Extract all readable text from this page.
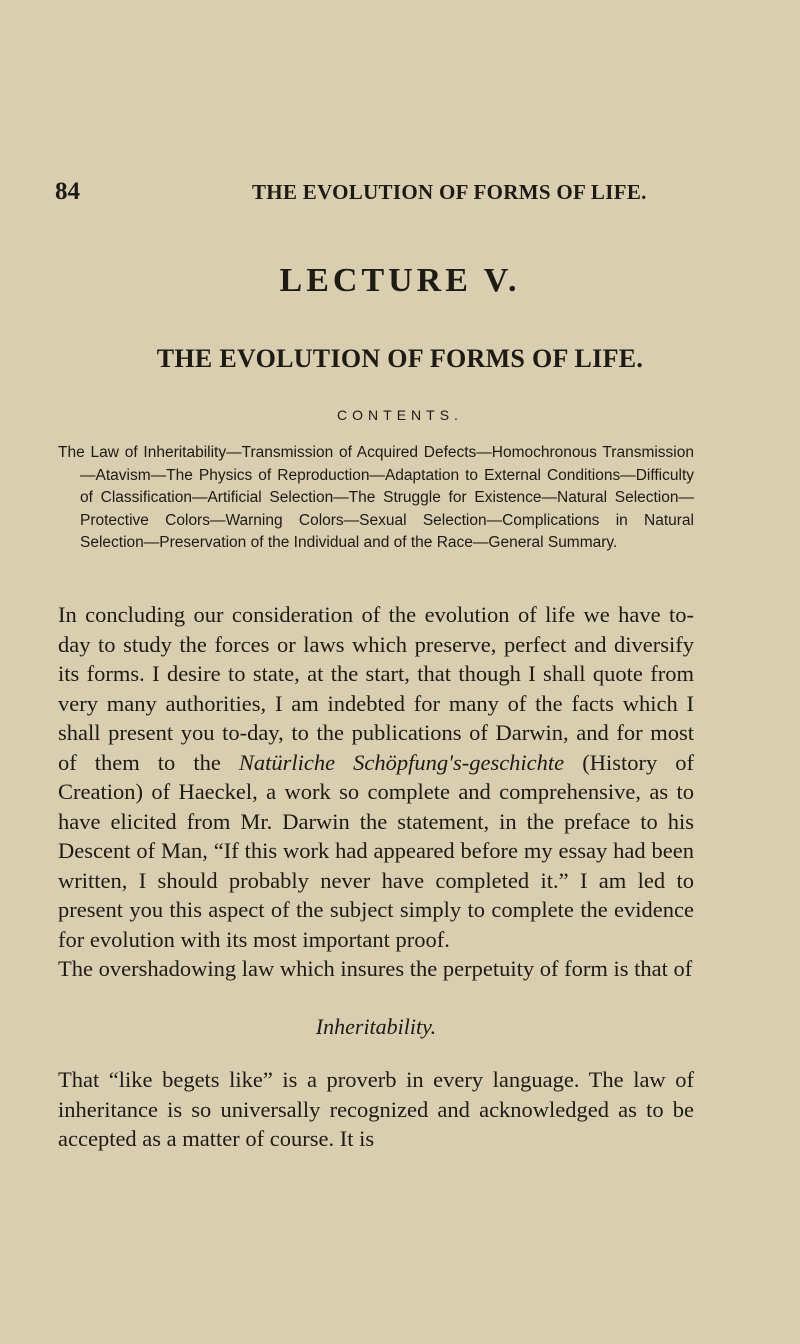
84	THE EVOLUTION OF FORMS OF LIFE.
LECTURE V.
THE EVOLUTION OF FORMS OF LIFE.
CONTENTS.

The Law of Inheritability—Transmission of Acquired Defects—Homochronous Transmission—Atavism—The Physics of Reproduction—Adaptation to External Conditions—Difficulty of Classification—Artificial Selection—The Struggle for Existence—Natural Selection—Protective Colors—Warning Colors—Sexual Selection—Complications in Natural Selection—Preservation of the Individual and of the Race—General Summary.

In concluding our consideration of the evolution of life we have to-day to study the forces or laws which preserve, perfect and diversify its forms. I desire to state, at the start, that though I shall quote from very many authorities, I am indebted for many of the facts which I shall present you to-day, to the publications of Darwin, and for most of them to the Natürliche Schöpfung's-geschichte (History of Creation) of Haeckel, a work so complete and comprehensive, as to have elicited from Mr. Darwin the statement, in the preface to his Descent of Man, “If this work had appeared before my essay had been written, I should probably never have completed it.” I am led to present you this aspect of the subject simply to complete the evidence for evolution with its most important proof.

The overshadowing law which insures the perpetuity of form is that of

Inheritability.

That “like begets like” is a proverb in every language. The law of inheritance is so universally recognized and acknowledged as to be accepted as a matter of course. It is
